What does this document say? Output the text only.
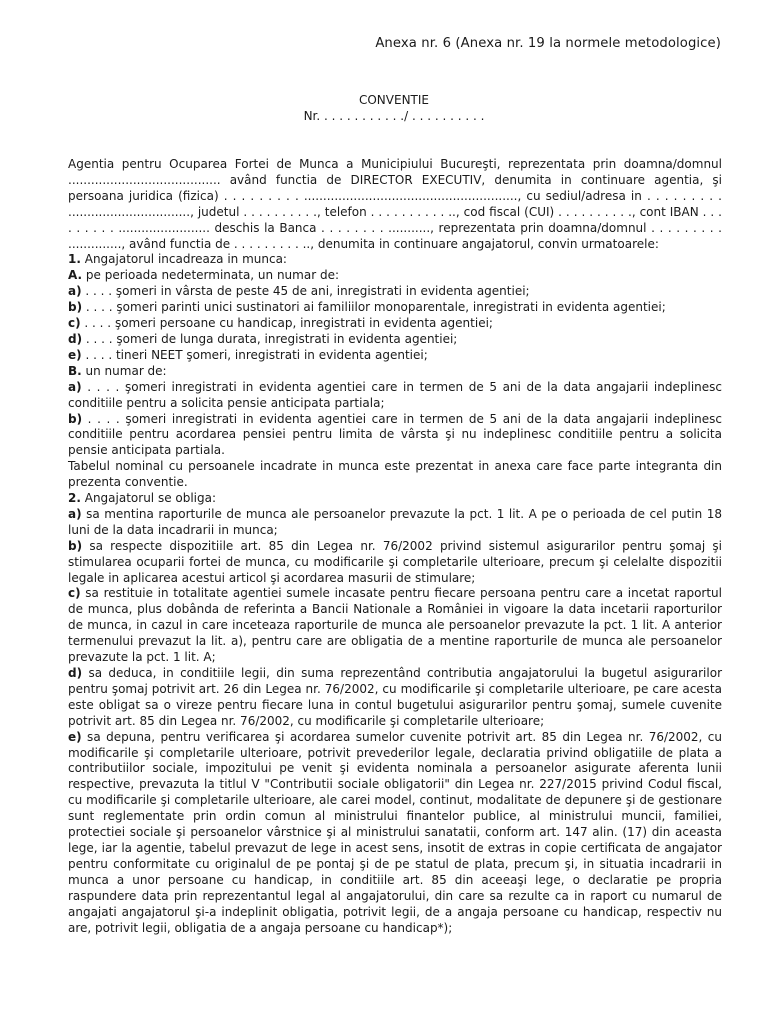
Anexa nr. 6 (Anexa nr. 19 la normele metodologice)
CONVENTIE
Nr. . . . . . . . . . . ./ . . . . . . . . . .

Agentia pentru Ocuparea Fortei de Munca a Municipiului Bucureşti, reprezentata prin doamna/domnul ........................................ având functia de DIRECTOR EXECUTIV, denumita in continuare agentia, şi persoana juridica (fizica) . . . . . . . . . ........................................................, cu sediul/adresa in . . . . . . . . . ................................, judetul . . . . . . . . . ., telefon . . . . . . . . . . .., cod fiscal (CUI) . . . . . . . . . ., cont IBAN . . . . . . . . . ........................ deschis la Banca . . . . . . . . ..........., reprezentata prin doamna/domnul . . . . . . . . . .............., având functia de . . . . . . . . . .., denumita in continuare angajatorul, convin urmatoarele:

1. Angajatorul incadreaza in munca:

A. pe perioada nedeterminata, un numar de:

a) . . . . şomeri in vârsta de peste 45 de ani, inregistrati in evidenta agentiei;

b) . . . . şomeri parinti unici sustinatori ai familiilor monoparentale, inregistrati in evidenta agentiei;

c) . . . . şomeri persoane cu handicap, inregistrati in evidenta agentiei;

d) . . . . şomeri de lunga durata, inregistrati in evidenta agentiei;

e) . . . . tineri NEET şomeri, inregistrati in evidenta agentiei;

B. un numar de:

a) . . . . şomeri inregistrati in evidenta agentiei care in termen de 5 ani de la data angajarii indeplinesc conditiile pentru a solicita pensie anticipata partiala;

b) . . . . şomeri inregistrati in evidenta agentiei care in termen de 5 ani de la data angajarii indeplinesc conditiile pentru acordarea pensiei pentru limita de vârsta şi nu indeplinesc conditiile pentru a solicita pensie anticipata partiala.

Tabelul nominal cu persoanele incadrate in munca este prezentat in anexa care face parte integranta din prezenta conventie.

2. Angajatorul se obliga:

a) sa mentina raporturile de munca ale persoanelor prevazute la pct. 1 lit. A pe o perioada de cel putin 18 luni de la data incadrarii in munca;

b) sa respecte dispozitiile art. 85 din Legea nr. 76/2002 privind sistemul asigurarilor pentru şomaj şi stimularea ocuparii fortei de munca, cu modificarile şi completarile ulterioare, precum şi celelalte dispozitii legale in aplicarea acestui articol şi acordarea masurii de stimulare;

c) sa restituie in totalitate agentiei sumele incasate pentru fiecare persoana pentru care a incetat raportul de munca, plus dobânda de referinta a Bancii Nationale a României in vigoare la data incetarii raporturilor de munca, in cazul in care inceteaza raporturile de munca ale persoanelor prevazute la pct. 1 lit. A anterior termenului prevazut la lit. a), pentru care are obligatia de a mentine raporturile de munca ale persoanelor prevazute la pct. 1 lit. A;

d) sa deduca, in conditiile legii, din suma reprezentând contributia angajatorului la bugetul asigurarilor pentru şomaj potrivit art. 26 din Legea nr. 76/2002, cu modificarile şi completarile ulterioare, pe care acesta este obligat sa o vireze pentru fiecare luna in contul bugetului asigurarilor pentru şomaj, sumele cuvenite potrivit art. 85 din Legea nr. 76/2002, cu modificarile şi completarile ulterioare;

e) sa depuna, pentru verificarea şi acordarea sumelor cuvenite potrivit art. 85 din Legea nr. 76/2002, cu modificarile şi completarile ulterioare, potrivit prevederilor legale, declaratia privind obligatiile de plata a contributiilor sociale, impozitului pe venit şi evidenta nominala a persoanelor asigurate aferenta lunii respective, prevazuta la titlul V "Contributii sociale obligatorii" din Legea nr. 227/2015 privind Codul fiscal, cu modificarile şi completarile ulterioare, ale carei model, continut, modalitate de depunere şi de gestionare sunt reglementate prin ordin comun al ministrului finantelor publice, al ministrului muncii, familiei, protectiei sociale şi persoanelor vârstnice şi al ministrului sanatatii, conform art. 147 alin. (17) din aceasta lege, iar la agentie, tabelul prevazut de lege in acest sens, insotit de extras in copie certificata de angajator pentru conformitate cu originalul de pe pontaj şi de pe statul de plata, precum şi, in situatia incadrarii in munca a unor persoane cu handicap, in conditiile art. 85 din aceeaşi lege, o declaratie pe propria raspundere data prin reprezentantul legal al angajatorului, din care sa rezulte ca in raport cu numarul de angajati angajatorul şi-a indeplinit obligatia, potrivit legii, de a angaja persoane cu handicap, respectiv nu are, potrivit legii, obligatia de a angaja persoane cu handicap*);
